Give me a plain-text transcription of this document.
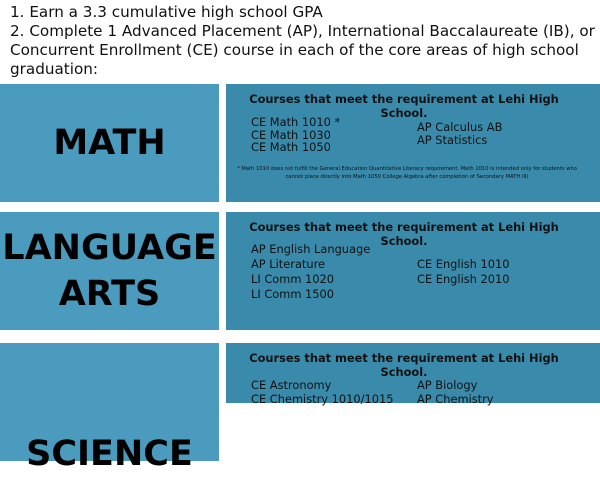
1. Earn a 3.3 cumulative high school GPA

2. Complete 1 Advanced Placement (AP), International Baccalaureate (IB), or Concurrent Enrollment (CE) course in each of the core areas of high school graduation:

MATH
Courses that meet the requirement at Lehi High School.
CE Math 1010 *
CE Math 1030
CE Math 1050
AP Calculus AB
AP Statistics
* Math 1010 does not fulfill the General Education Quantitative Literacy requirement. Math 1010 is intended only for students who cannot place directly into Math 1050 College Algebra after completion of Secondary MATH III)
LANGUAGE ARTS
Courses that meet the requirement at Lehi High School.
AP English Language
AP Literature
LI Comm 1020
LI Comm 1500
CE English 1010
CE English 2010
SCIENCE
Courses that meet the requirement at Lehi High School.
CE Astronomy
CE Chemistry 1010/1015
AP Biology
AP Chemistry
